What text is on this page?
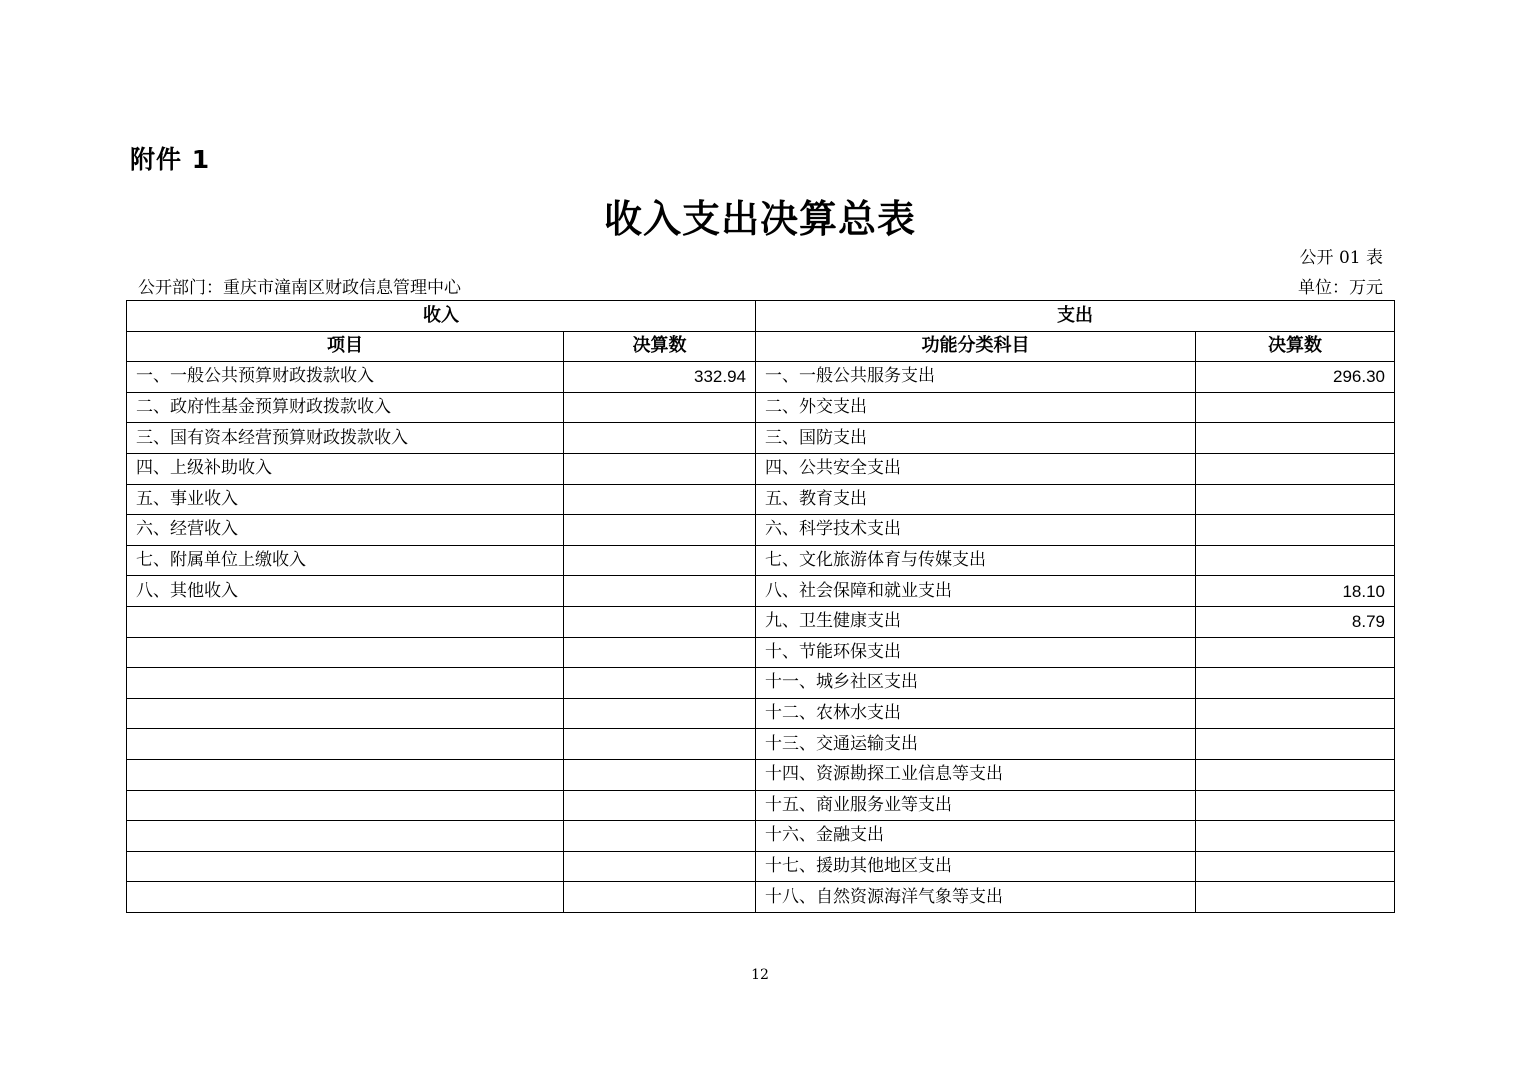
附件 1
收入支出决算总表
公开 01 表
公开部门：重庆市潼南区财政信息管理中心	单位：万元
收入		支出	
项目	决算数	功能分类科目	决算数
一、一般公共预算财政拨款收入	332.94	一、一般公共服务支出	296.30
二、政府性基金预算财政拨款收入		二、外交支出	
三、国有资本经营预算财政拨款收入		三、国防支出	
四、上级补助收入		四、公共安全支出	
五、事业收入		五、教育支出	
六、经营收入		六、科学技术支出	
七、附属单位上缴收入		七、文化旅游体育与传媒支出	
八、其他收入		八、社会保障和就业支出	18.10
		九、卫生健康支出	8.79
		十、节能环保支出	
		十一、城乡社区支出	
		十二、农林水支出	
		十三、交通运输支出	
		十四、资源勘探工业信息等支出	
		十五、商业服务业等支出	
		十六、金融支出	
		十七、援助其他地区支出	
		十八、自然资源海洋气象等支出	
12
